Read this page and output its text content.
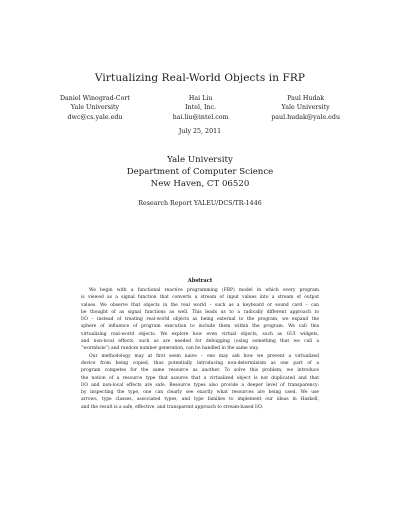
Virtualizing Real-World Objects in FRP
Daniel Winograd-Cort
Yale University
dwc@cs.yale.edu
Hai Liu
Intel, Inc.
hai.liu@intel.com
Paul Hudak
Yale University
paul.hudak@yale.edu
July 25, 2011
Yale University
Department of Computer Science
New Haven, CT 06520
Research Report YALEU/DCS/TR-1446
Abstract

We begin with a functional reactive programming (FRP) model in which every program
is viewed as a signal function that converts a stream of input values into a stream of output
values. We observe that objects in the real world – such as a keyboard or sound card – can
be thought of as signal functions as well. This leads us to a radically different approach to
I/O – instead of treating real-world objects as being external to the program, we expand the
sphere of influence of program execution to include them within the program. We call this
virtualizing real-world objects. We explore how even virtual objects, such as GUI widgets,
and non-local effects, such as are needed for debugging (using something that we call a
“wormhole”) and random number generation, can be handled in the same way.

Our methodology may at first seem naive – one may ask how we prevent a virtualized
device from being copied, thus potentially introducing non-determinism as one part of a
program competes for the same resource as another. To solve this problem, we introduce
the notion of a resource type that assures that a virtualized object is not duplicated and that
I/O and non-local effects are safe. Resource types also provide a deeper level of transparency:
by inspecting the type, one can clearly see exactly what resources are being used. We use
arrows, type classes, associated types, and type families to implement our ideas in Haskell,
and the result is a safe, effective, and transparent approach to stream-based I/O.
